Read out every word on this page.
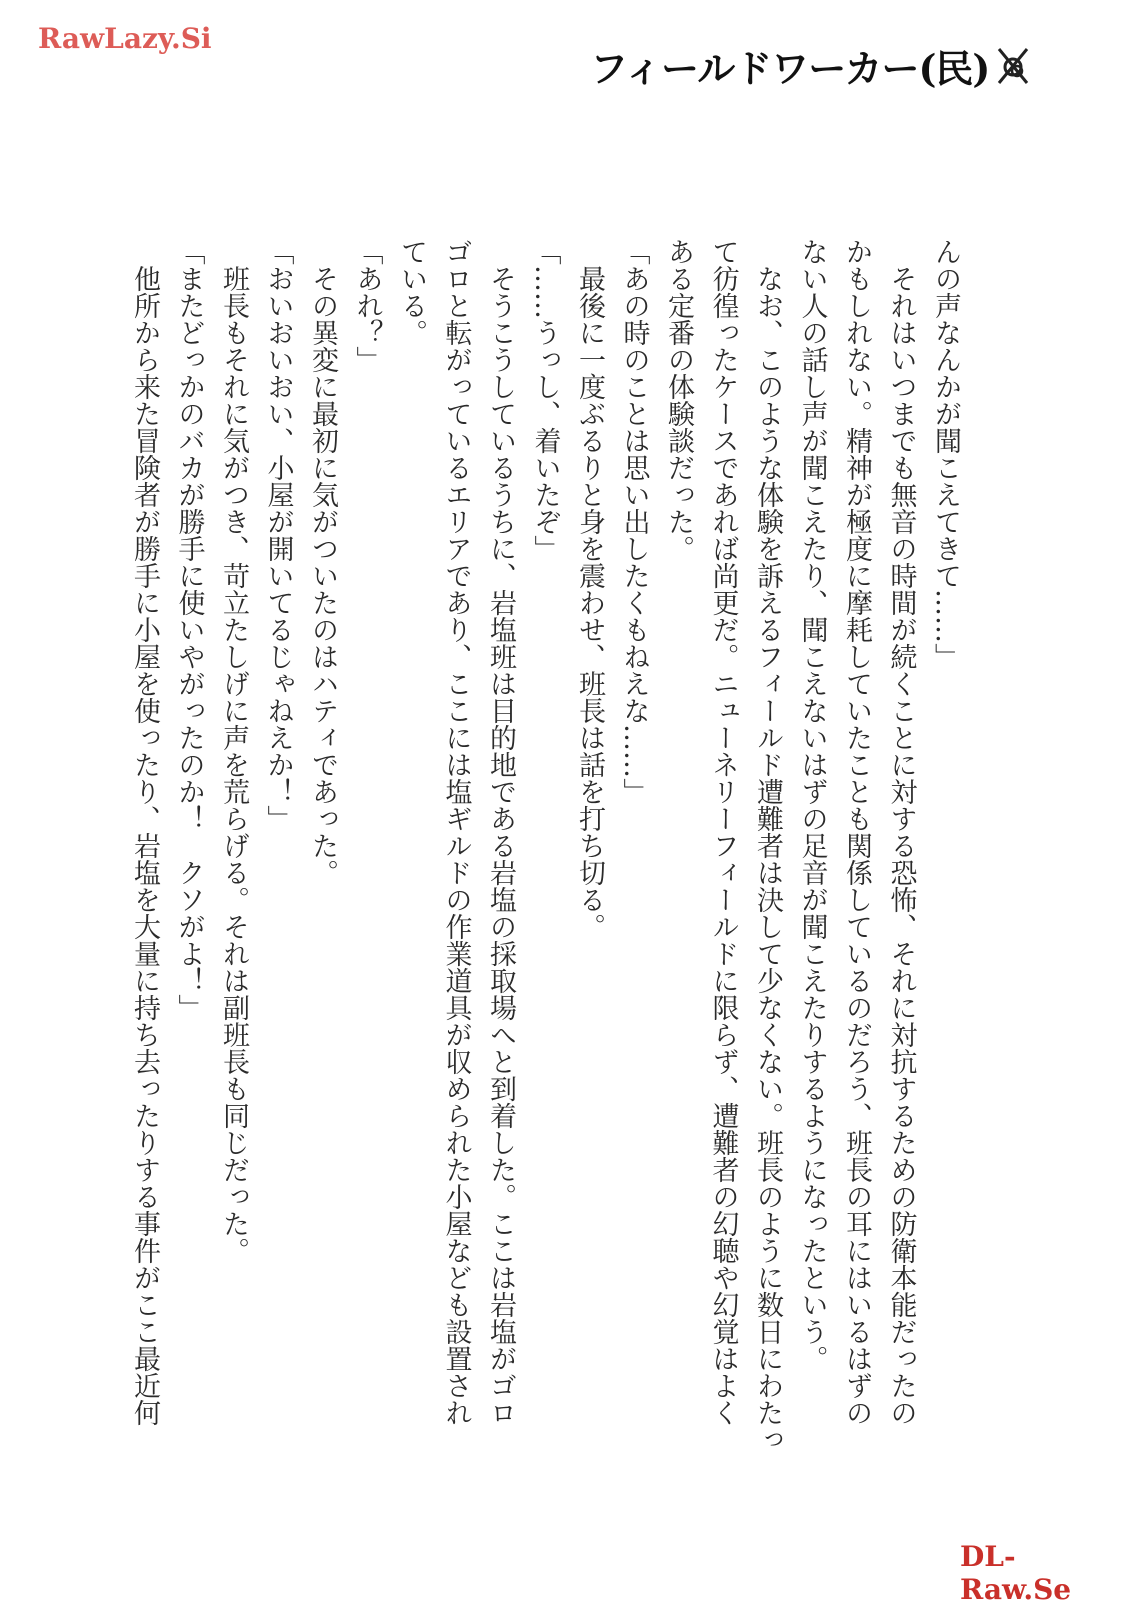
RawLazy.Si
フィールドワーカー(民)
んの声なんかが聞こえてきて……」
　それはいつまでも無音の時間が続くことに対する恐怖、それに対抗するための防衛本能だったの
かもしれない。精神が極度に摩耗していたことも関係しているのだろう、班長の耳にはいるはずの
ない人の話し声が聞こえたり、聞こえないはずの足音が聞こえたりするようになったという。
　なお、このような体験を訴えるフィールド遭難者は決して少なくない。班長のように数日にわたっ
て彷徨ったケースであれば尚更だ。ニューネリーフィールドに限らず、遭難者の幻聴や幻覚はよく
ある定番の体験談だった。
「あの時のことは思い出したくもねえな……」
　最後に一度ぶるりと身を震わせ、班長は話を打ち切る。
「……うっし、着いたぞ」
　そうこうしているうちに、岩塩班は目的地である岩塩の採取場へと到着した。ここは岩塩がゴロ
ゴロと転がっているエリアであり、ここには塩ギルドの作業道具が収められた小屋なども設置され
ている。
「あれ？」
　その異変に最初に気がついたのはハティであった。
「おいおいおい、小屋が開いてるじゃねえか！」
　班長もそれに気がつき、苛立たしげに声を荒らげる。それは副班長も同じだった。
「またどっかのバカが勝手に使いやがったのか！　クソがよ！」
　他所から来た冒険者が勝手に小屋を使ったり、岩塩を大量に持ち去ったりする事件がここ最近何
DL-Raw.Se
